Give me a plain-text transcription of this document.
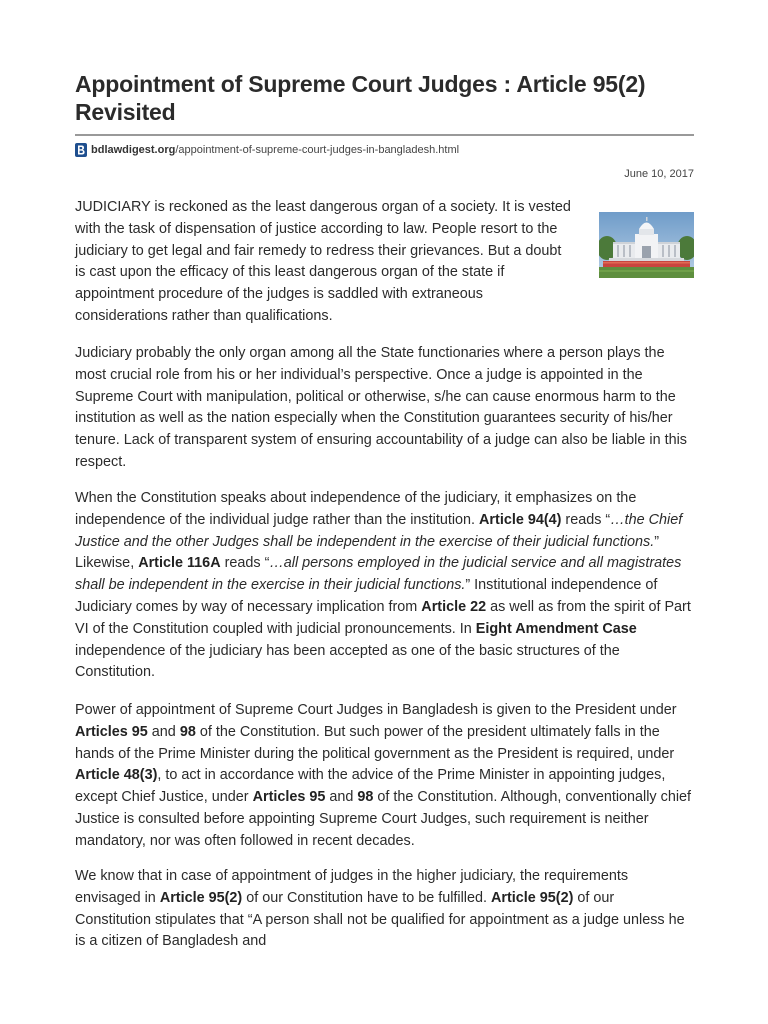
Appointment of Supreme Court Judges : Article 95(2) Revisited
bdlawdigest.org/appointment-of-supreme-court-judges-in-bangladesh.html
June 10, 2017

JUDICIARY is reckoned as the least dangerous organ of a society. It is vested with the task of dispensation of justice according to law. People resort to the judiciary to get legal and fair remedy to redress their grievances. But a doubt is cast upon the efficacy of this least dangerous organ of the state if appointment procedure of the judges is saddled with extraneous considerations rather than qualifications.

Judiciary probably the only organ among all the State functionaries where a person plays the most crucial role from his or her individual’s perspective. Once a judge is appointed in the Supreme Court with manipulation, political or otherwise, s/he can cause enormous harm to the institution as well as the nation especially when the Constitution guarantees security of his/her tenure. Lack of transparent system of ensuring accountability of a judge can also be liable in this respect.

When the Constitution speaks about independence of the judiciary, it emphasizes on the independence of the individual judge rather than the institution. Article 94(4) reads “…the Chief Justice and the other Judges shall be independent in the exercise of their judicial functions.” Likewise, Article 116A reads “…all persons employed in the judicial service and all magistrates shall be independent in the exercise in their judicial functions.” Institutional independence of Judiciary comes by way of necessary implication from Article 22 as well as from the spirit of Part VI of the Constitution coupled with judicial pronouncements. In Eight Amendment Case independence of the judiciary has been accepted as one of the basic structures of the Constitution.

Power of appointment of Supreme Court Judges in Bangladesh is given to the President under Articles 95 and 98 of the Constitution. But such power of the president ultimately falls in the hands of the Prime Minister during the political government as the President is required, under Article 48(3), to act in accordance with the advice of the Prime Minister in appointing judges, except Chief Justice, under Articles 95 and 98 of the Constitution. Although, conventionally chief Justice is consulted before appointing Supreme Court Judges, such requirement is neither mandatory, nor was often followed in recent decades.

We know that in case of appointment of judges in the higher judiciary, the requirements envisaged in Article 95(2) of our Constitution have to be fulfilled. Article 95(2) of our Constitution stipulates that “A person shall not be qualified for appointment as a judge unless he is a citizen of Bangladesh and
